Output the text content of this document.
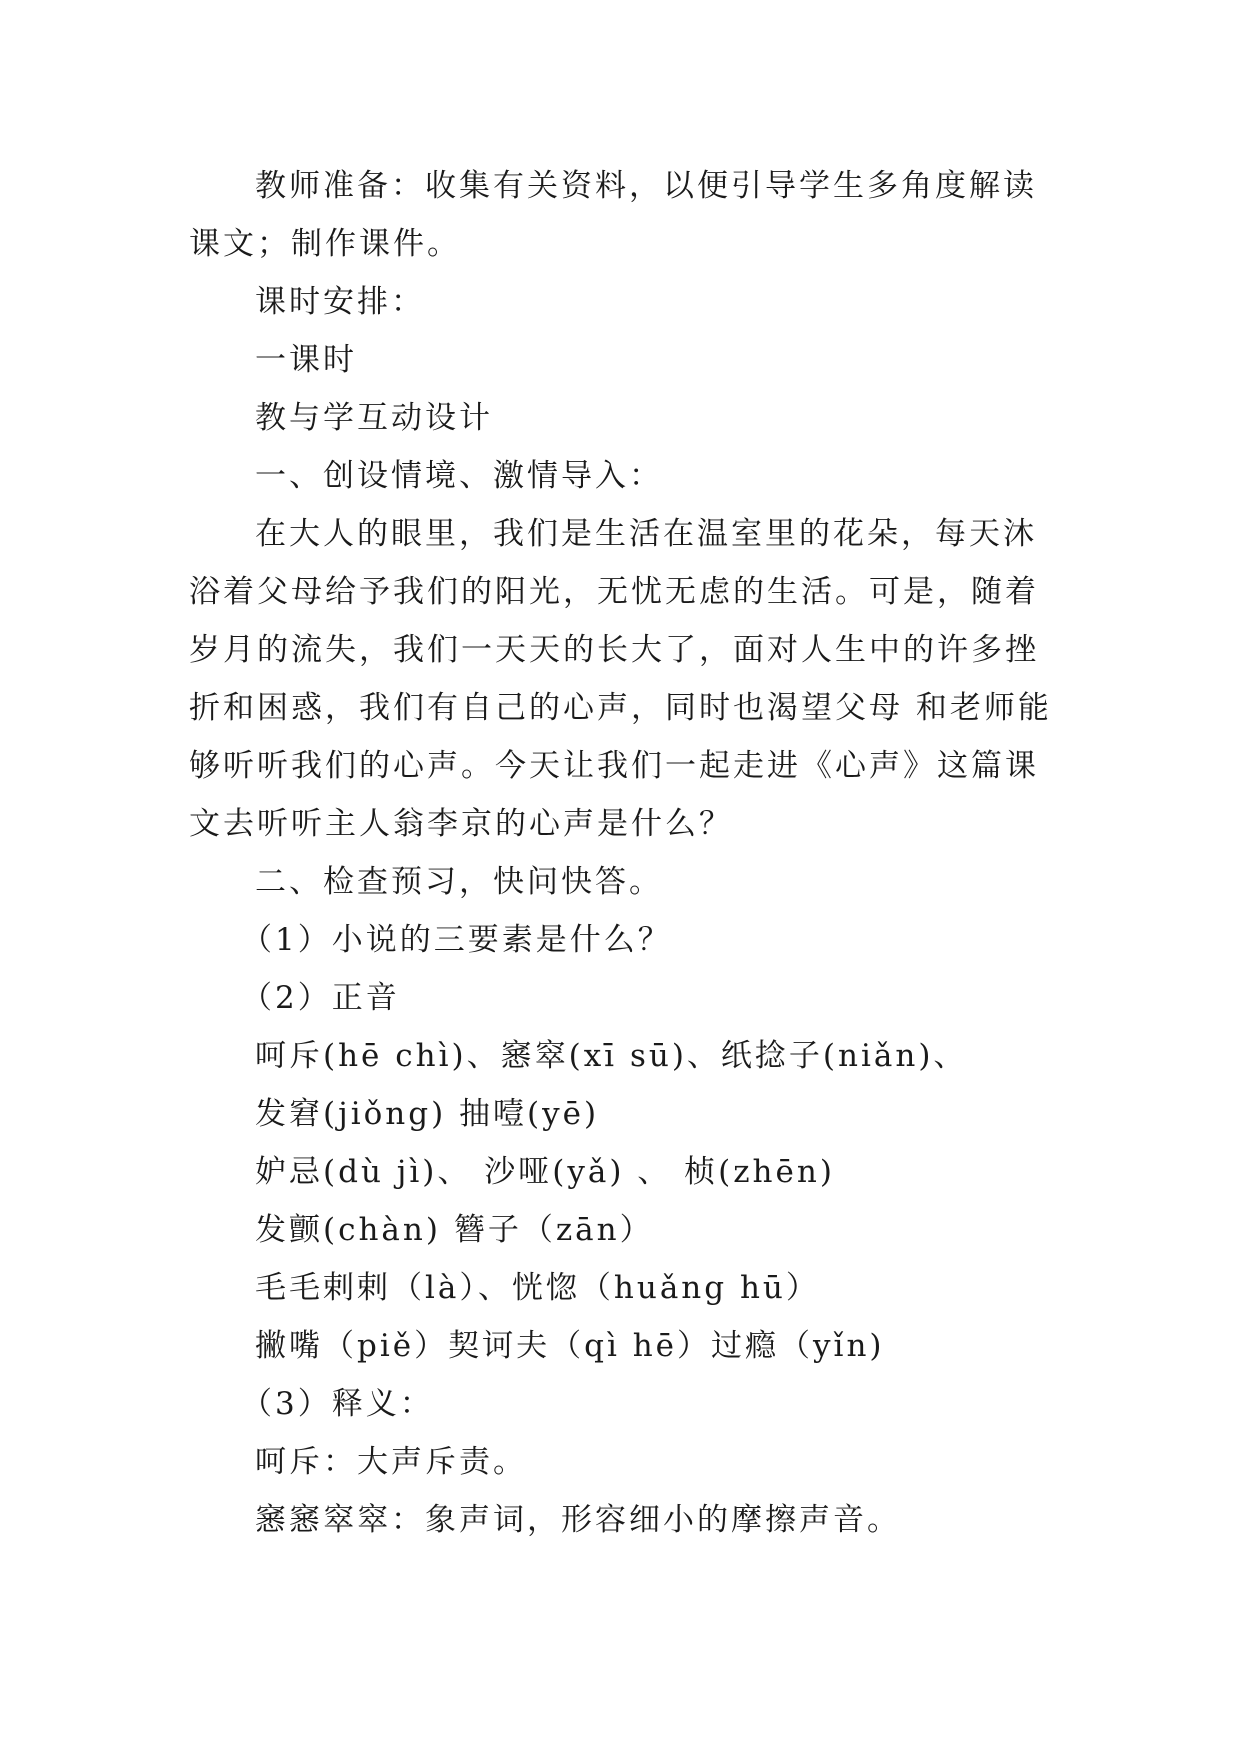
教师准备：收集有关资料，以便引导学生多角度解读课文；制作课件。

课时安排：

一课时

教与学互动设计

一、创设情境、激情导入：

在大人的眼里，我们是生活在温室里的花朵，每天沐浴着父母给予我们的阳光，无忧无虑的生活。可是，随着岁月的流失，我们一天天的长大了，面对人生中的许多挫折和困惑，我们有自己的心声，同时也渴望父母 和老师能够听听我们的心声。今天让我们一起走进《心声》这篇课文去听听主人翁李京的心声是什么？

二、检查预习，快问快答。

（1）小说的三要素是什么？

（2）正音

呵斥(hē chì)、窸窣(xī sū)、纸捻子(niǎn)、

发窘(jiǒng) 抽噎(yē)

妒忌(dù jì)、 沙哑(yǎ) 、 桢(zhēn)

发颤(chàn) 簪子（zān）

毛毛剌剌（là）、恍惚（huǎng hū）

撇嘴（piě）契诃夫（qì hē）过瘾（yǐn)

（3）释义：

呵斥：大声斥责。

窸窸窣窣：象声词，形容细小的摩擦声音。
